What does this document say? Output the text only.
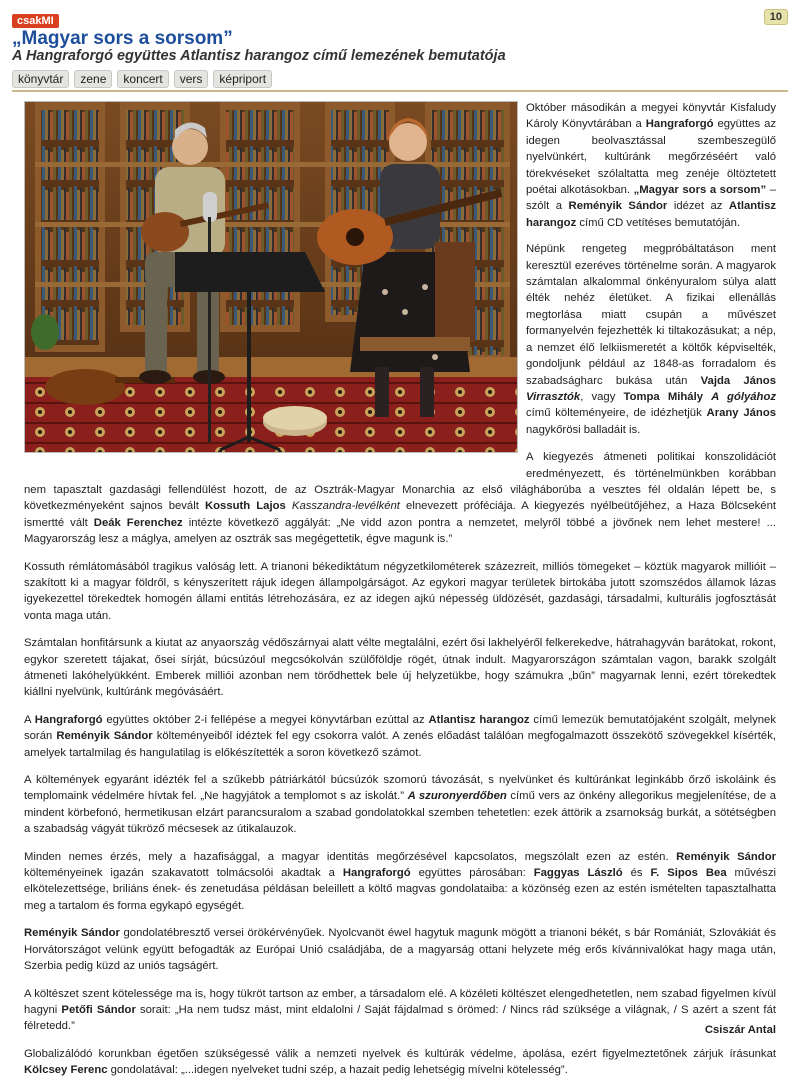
csakMI	10
„Magyar sors a sorsom”
A Hangraforgó együttes Atlantisz harangoz című lemezének bemutatója
könyvtár	zene	koncert	vers	képriport

Október másodikán a megyei könyvtár Kisfaludy Károly Könyvtárában a Hangraforgó együttes az idegen beolvasztással szembeszegülő nyelvünkért, kultúránk megőrzéséért való törekvéseket szólaltatta meg zenéje öltöztetett poétai alkotásokban. „Magyar sors a sorsom” – szólt a Reményik Sándor idézet az Atlantisz harangoz című CD vetítéses bemutatóján.

Népünk rengeteg megpróbáltatáson ment keresztül ezeréves történelme során. A magyarok számtalan alkalommal önkényuralom súlya alatt élték nehéz életüket. A fizikai ellenállás megtorlása miatt csupán a művészet formanyelvén fejezhették ki tiltakozásukat; a nép, a nemzet élő lelkiismeretét a költők képviselték, gondoljunk például az 1848-as forradalom és szabadságharc bukása után Vajda János Virrasztók, vagy Tompa Mihály A gólyához című költeményeire, de idézhetjük Arany János nagykőrösi balladáit is.

A kiegyezés átmeneti politikai konszolidációt eredményezett, és történelmünkben korábban nem tapasztalt gazdasági fellendülést hozott, de az Osztrák-Magyar Monarchia az első világháborúba a vesztes fél oldalán lépett be, s következményeként sajnos bevált Kossuth Lajos Kasszandra-levélként elnevezett próféciája. A kiegyezés nyélbeütőjéhez, a Haza Bölcseként ismertté vált Deák Ferenchez intézte következő aggályát: „Ne vidd azon pontra a nemzetet, melyről többé a jövőnek nem lehet mestere! ... Magyarország lesz a máglya, amelyen az osztrák sas megégettetik, égve magunk is.”

Kossuth rémlátomásából tragikus valóság lett. A trianoni békediktátum négyzetkilométerek százezreit, milliós tömegeket – köztük magyarok millióit – szakított ki a magyar földről, s kényszerített rájuk idegen állampolgárságot. Az egykori magyar területek birtokába jutott szomszédos államok lázas igyekezettel törekedtek homogén állami entitás létrehozására, ez az idegen ajkú népesség üldözését, gazdasági, társadalmi, kulturális jogfosztását vonta maga után.

Számtalan honfitársunk a kiutat az anyaország védőszárnyai alatt vélte megtalálni, ezért ősi lakhelyéről felkerekedve, hátrahagyván barátokat, rokont, egykor szeretett tájakat, ősei sírját, búcsúzóul megcsókolván szülőföldje rögét, útnak indult. Magyarországon számtalan vagon, barakk szolgált átmeneti lakóhelyükként. Emberek milliói azonban nem törődhettek bele új helyzetükbe, hogy számukra „bűn” magyarnak lenni, ezért törekedtek kiállni nyelvünk, kultúránk megóvásáért.

A Hangraforgó együttes október 2-i fellépése a megyei könyvtárban ezúttal az Atlantisz harangoz című lemezük bemutatójaként szolgált, melynek során Reményik Sándor költeményeiből idéztek fel egy csokorra valót. A zenés előadást találóan megfogalmazott összekötő szövegekkel kísérték, amelyek tartalmilag és hangulatilag is előkészítették a soron következő számot.

A költemények egyaránt idézték fel a szűkebb pátriárkától búcsúzók szomorú távozását, s nyelvünket és kultúránkat leginkább őrző iskoláink és templomaink védelmére hívtak fel. „Ne hagyjátok a templomot s az iskolát.” A szuronyerdőben című vers az önkény allegorikus megjelenítése, de a mindent körbefonó, hermetikusan elzárt parancsuralom a szabad gondolatokkal szemben tehetetlen: ezek áttörik a zsarnokság burkát, a sötétségben a szabadság vágyát tükröző mécsesek az útikalauzok.

Minden nemes érzés, mely a hazafisággal, a magyar identitás megőrzésével kapcsolatos, megszólalt ezen az estén. Reményik Sándor költeményeinek igazán szakavatott tolmácsolói akadtak a Hangraforgó együttes párosában: Faggyas László és F. Sipos Bea művészi elkötelezettsége, briliáns ének- és zenetudása példásan beleillett a költő magvas gondolataiba: a közönség ezen az estén ismételten tapasztalhatta meg a tartalom és forma egykapó egységét.

Reményik Sándor gondolatébresztő versei örökérvényűek. Nyolcvanöt éwel hagytuk magunk mögött a trianoni békét, s bár Romániát, Szlovákiát és Horvátországot velünk együtt befogadták az Európai Unió családjába, de a magyarság ottani helyzete még erős kívánnivalókat hagy maga után, Szerbia pedig küzd az uniós tagságért.

A költészet szent kötelessége ma is, hogy tükröt tartson az ember, a társadalom elé. A közéleti költészet elengedhetetlen, nem szabad figyelmen kívül hagyni Petőfi Sándor sorait: „Ha nem tudsz mást, mint eldalolni / Saját fájdalmad s örömed: / Nincs rád szüksége a világnak, / S azért a szent fát félretedd.”

Globalizálódó korunkban égetően szükségessé válik a nemzeti nyelvek és kultúrák védelme, ápolása, ezért figyelmeztetőnek zárjuk írásunkat Kölcsey Ferenc gondolatával: „...idegen nyelveket tudni szép, a hazait pedig lehetségig mívelni kötelesség”.

Csiszár Antal
